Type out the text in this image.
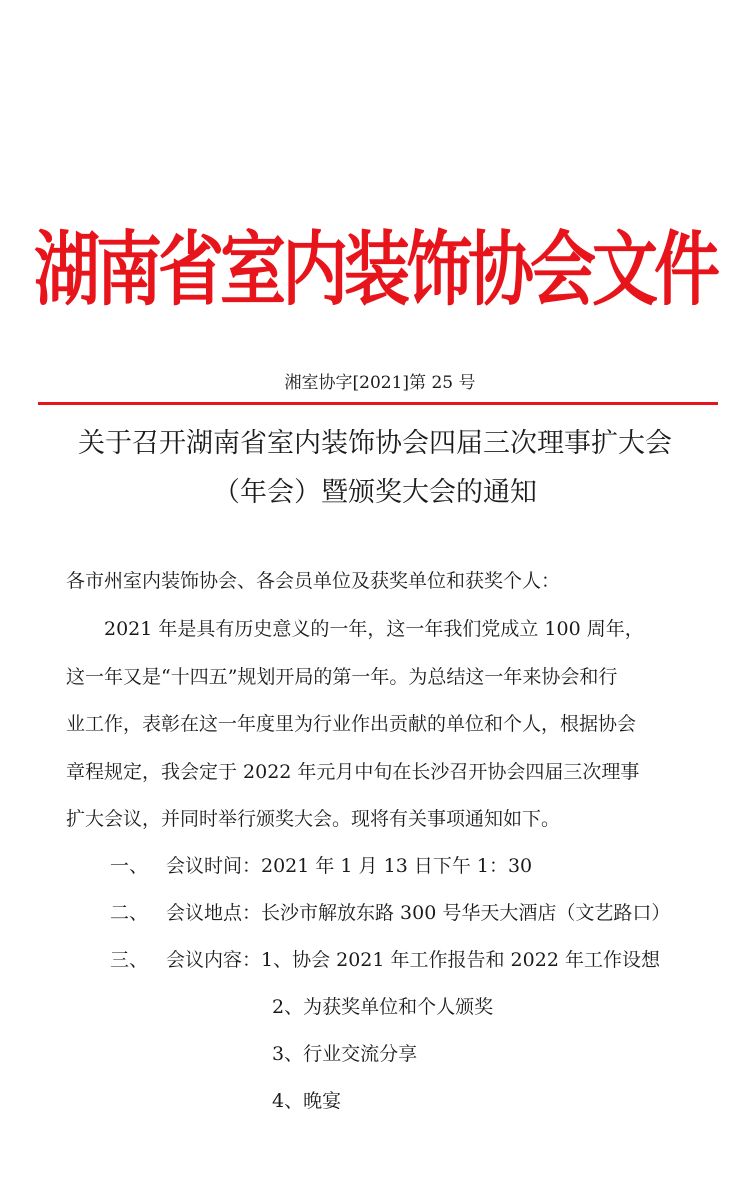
湖南省室内装饰协会文件
湘室协字[2021]第 25 号
关于召开湖南省室内装饰协会四届三次理事扩大会
（年会）暨颁奖大会的通知
各市州室内装饰协会、各会员单位及获奖单位和获奖个人：
2021 年是具有历史意义的一年，这一年我们党成立 100 周年，
这一年又是“十四五”规划开局的第一年。为总结这一年来协会和行
业工作，表彰在这一年度里为行业作出贡献的单位和个人，根据协会
章程规定，我会定于 2022 年元月中旬在长沙召开协会四届三次理事
扩大会议，并同时举行颁奖大会。现将有关事项通知如下。
一、 会议时间：2021 年 1 月 13 日下午 1：30
二、 会议地点：长沙市解放东路 300 号华天大酒店（文艺路口）
三、 会议内容：1、协会 2021 年工作报告和 2022 年工作设想
2、为获奖单位和个人颁奖
3、行业交流分享
4、晚宴
